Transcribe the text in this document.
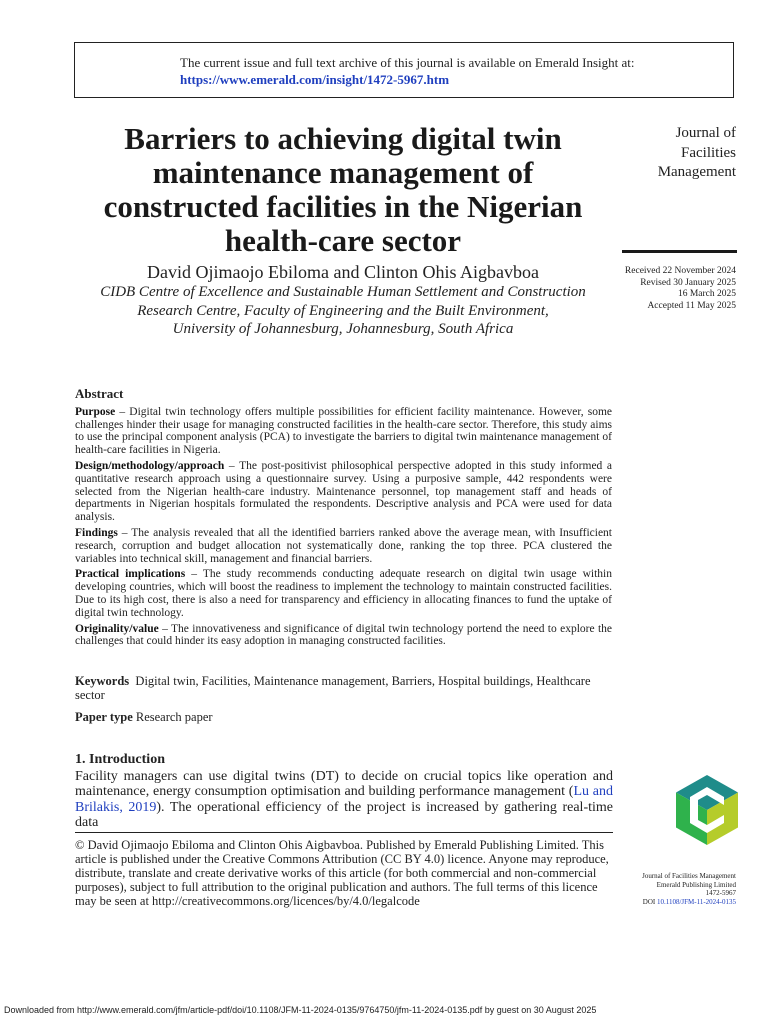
The current issue and full text archive of this journal is available on Emerald Insight at:
https://www.emerald.com/insight/1472-5967.htm
Barriers to achieving digital twin maintenance management of constructed facilities in the Nigerian health-care sector
Journal of
Facilities
Management
Received 22 November 2024
Revised 30 January 2025
16 March 2025
Accepted 11 May 2025
David Ojimaojo Ebiloma and Clinton Ohis Aigbavboa
CIDB Centre of Excellence and Sustainable Human Settlement and Construction
Research Centre, Faculty of Engineering and the Built Environment,
University of Johannesburg, Johannesburg, South Africa
Abstract

Purpose – Digital twin technology offers multiple possibilities for efficient facility maintenance. However, some challenges hinder their usage for managing constructed facilities in the health-care sector. Therefore, this study aims to use the principal component analysis (PCA) to investigate the barriers to digital twin maintenance management of health-care facilities in Nigeria.

Design/methodology/approach – The post-positivist philosophical perspective adopted in this study informed a quantitative research approach using a questionnaire survey. Using a purposive sample, 442 respondents were selected from the Nigerian health-care industry. Maintenance personnel, top management staff and heads of departments in Nigerian hospitals formulated the respondents. Descriptive analysis and PCA were used for data analysis.

Findings – The analysis revealed that all the identified barriers ranked above the average mean, with Insufficient research, corruption and budget allocation not systematically done, ranking the top three. PCA clustered the variables into technical skill, management and financial barriers.

Practical implications – The study recommends conducting adequate research on digital twin usage within developing countries, which will boost the readiness to implement the technology to maintain constructed facilities. Due to its high cost, there is also a need for transparency and efficiency in allocating finances to fund the uptake of digital twin technology.

Originality/value – The innovativeness and significance of digital twin technology portend the need to explore the challenges that could hinder its easy adoption in managing constructed facilities.

Keywords Digital twin, Facilities, Maintenance management, Barriers, Hospital buildings, Healthcare sector
Paper type Research paper
1. Introduction
Facility managers can use digital twins (DT) to decide on crucial topics like operation and maintenance, energy consumption optimisation and building performance management (Lu and Brilakis, 2019). The operational efficiency of the project is increased by gathering real-time data
© David Ojimaojo Ebiloma and Clinton Ohis Aigbavboa. Published by Emerald Publishing Limited. This article is published under the Creative Commons Attribution (CC BY 4.0) licence. Anyone may reproduce, distribute, translate and create derivative works of this article (for both commercial and non-commercial purposes), subject to full attribution to the original publication and authors. The full terms of this licence may be seen at http://creativecommons.org/licences/by/4.0/legalcode
Journal of Facilities Management
Emerald Publishing Limited
1472-5967
DOI 10.1108/JFM-11-2024-0135
Downloaded from http://www.emerald.com/jfm/article-pdf/doi/10.1108/JFM-11-2024-0135/9764750/jfm-11-2024-0135.pdf by guest on 30 August 2025
